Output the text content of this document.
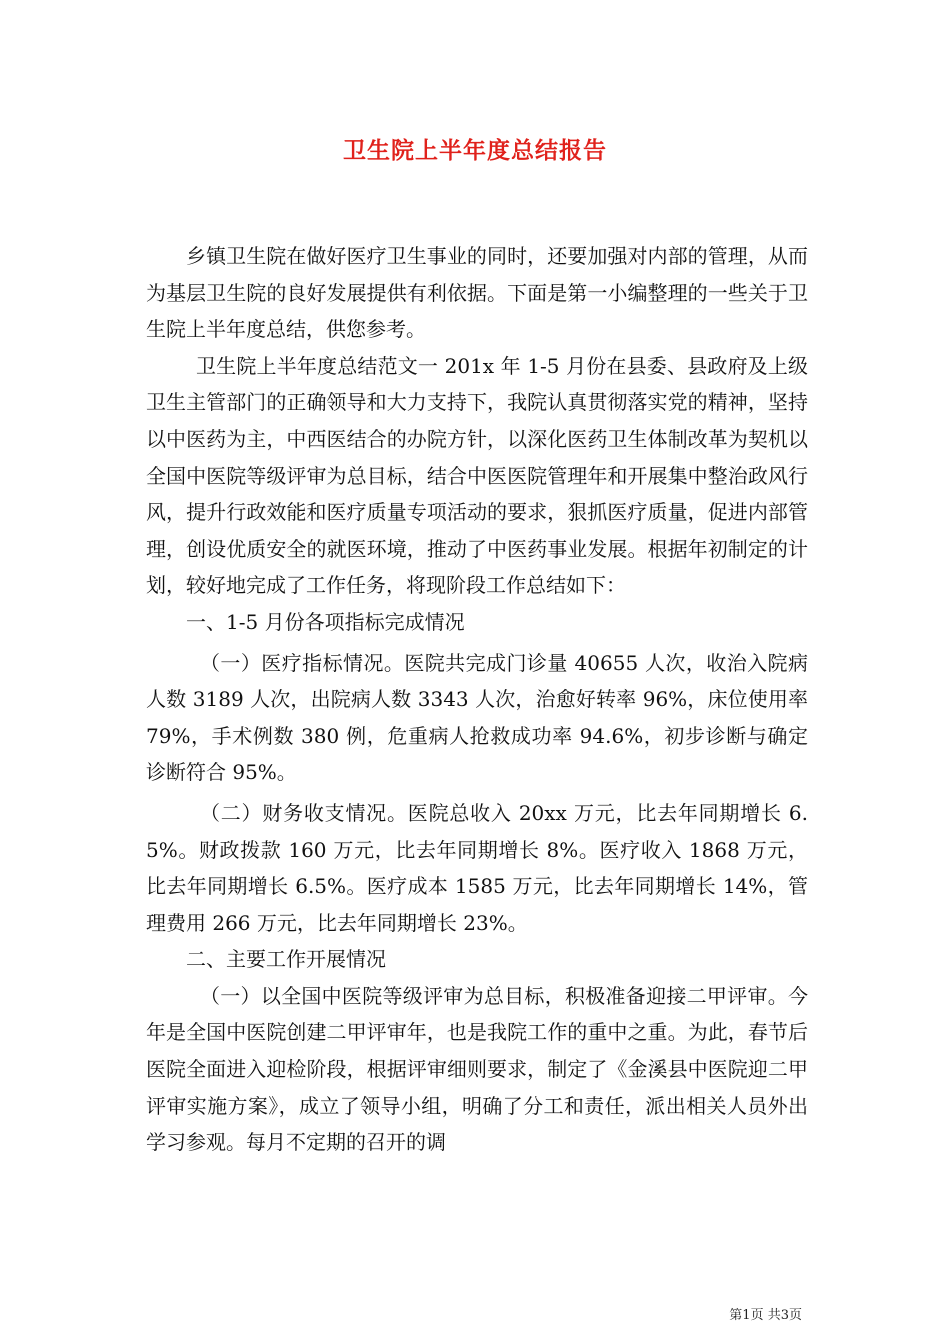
卫生院上半年度总结报告

乡镇卫生院在做好医疗卫生事业的同时，还要加强对内部的管理，从而为基层卫生院的良好发展提供有利依据。下面是第一小编整理的一些关于卫生院上半年度总结，供您参考。

卫生院上半年度总结范文一 201x 年 1-5 月份在县委、县政府及上级卫生主管部门的正确领导和大力支持下，我院认真贯彻落实党的精神，坚持以中医药为主，中西医结合的办院方针，以深化医药卫生体制改革为契机以全国中医院等级评审为总目标，结合中医医院管理年和开展集中整治政风行风，提升行政效能和医疗质量专项活动的要求，狠抓医疗质量，促进内部管理，创设优质安全的就医环境，推动了中医药事业发展。根据年初制定的计划，较好地完成了工作任务，将现阶段工作总结如下：

一、1-5 月份各项指标完成情况

（一）医疗指标情况。医院共完成门诊量 40655 人次，收治入院病人数 3189 人次，出院病人数 3343 人次，治愈好转率 96%，床位使用率 79%，手术例数 380 例，危重病人抢救成功率 94.6%，初步诊断与确定诊断符合 95%。

（二）财务收支情况。医院总收入 20xx 万元，比去年同期增长 6.5%。财政拨款 160 万元，比去年同期增长 8%。医疗收入 1868 万元，比去年同期增长 6.5%。医疗成本 1585 万元，比去年同期增长 14%，管理费用 266 万元，比去年同期增长 23%。

二、主要工作开展情况

（一）以全国中医院等级评审为总目标，积极准备迎接二甲评审。今年是全国中医院创建二甲评审年，也是我院工作的重中之重。为此，春节后医院全面进入迎检阶段，根据评审细则要求，制定了《金溪县中医院迎二甲评审实施方案》，成立了领导小组，明确了分工和责任，派出相关人员外出学习参观。每月不定期的召开的调

第1页 共3页
